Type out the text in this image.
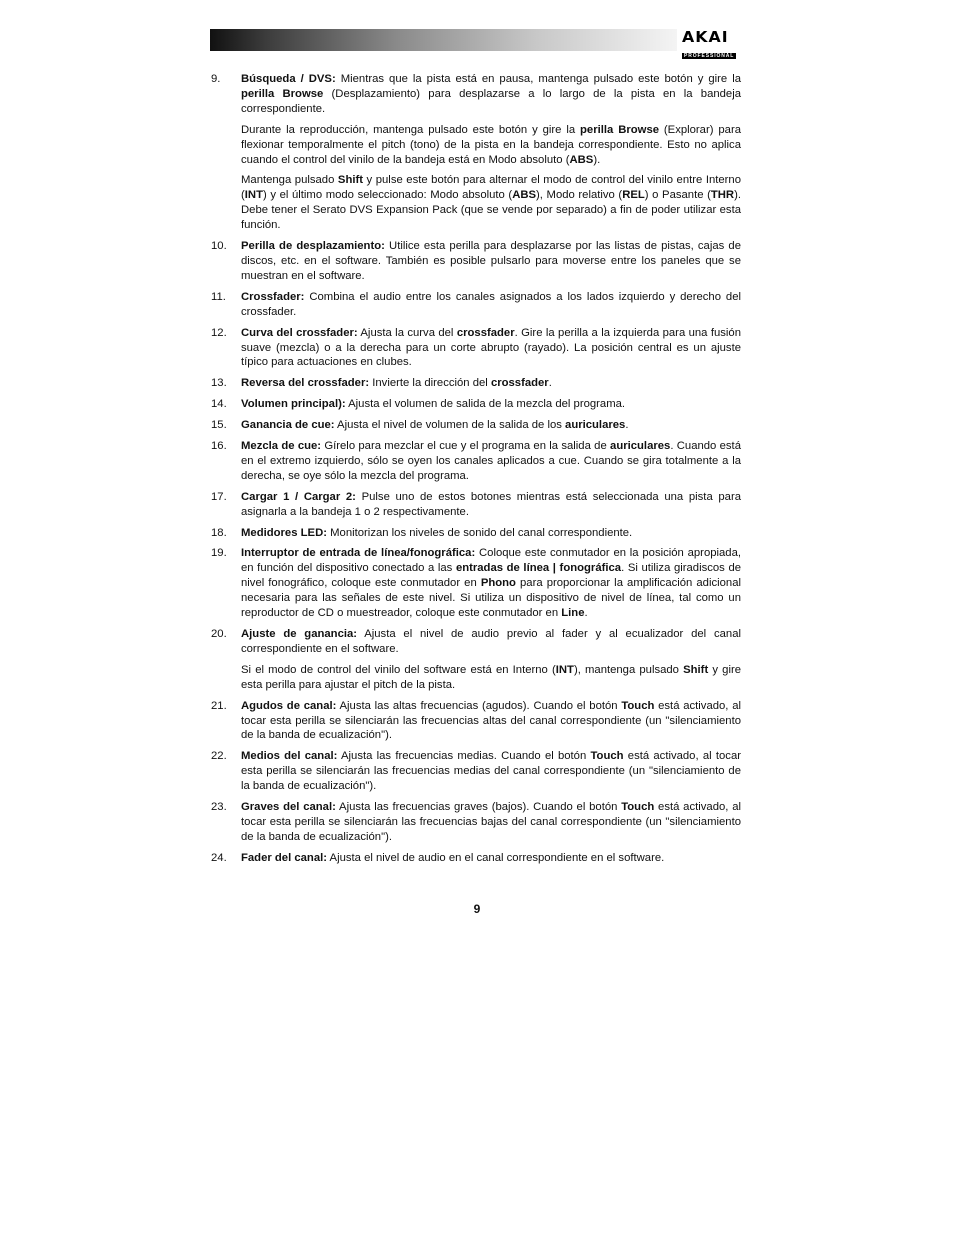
AKAI
PROFESSIONAL
9.	Búsqueda / DVS: Mientras que la pista está en pausa, mantenga pulsado este botón y gire la perilla Browse (Desplazamiento) para desplazarse a lo largo de la pista en la bandeja correspondiente.

Durante la reproducción, mantenga pulsado este botón y gire la perilla Browse (Explorar) para flexionar temporalmente el pitch (tono) de la pista en la bandeja correspondiente. Esto no aplica cuando el control del vinilo de la bandeja está en Modo absoluto (ABS).

Mantenga pulsado Shift y pulse este botón para alternar el modo de control del vinilo entre Interno (INT) y el último modo seleccionado: Modo absoluto (ABS), Modo relativo (REL) o Pasante (THR). Debe tener el Serato DVS Expansion Pack (que se vende por separado) a fin de poder utilizar esta función.

10.	Perilla de desplazamiento: Utilice esta perilla para desplazarse por las listas de pistas, cajas de discos, etc. en el software. También es posible pulsarlo para moverse entre los paneles que se muestran en el software.

11.	Crossfader: Combina el audio entre los canales asignados a los lados izquierdo y derecho del crossfader.

12.	Curva del crossfader: Ajusta la curva del crossfader. Gire la perilla a la izquierda para una fusión suave (mezcla) o a la derecha para un corte abrupto (rayado). La posición central es un ajuste típico para actuaciones en clubes.

13.	Reversa del crossfader: Invierte la dirección del crossfader.

14.	Volumen principal): Ajusta el volumen de salida de la mezcla del programa.

15.	Ganancia de cue: Ajusta el nivel de volumen de la salida de los auriculares.

16.	Mezcla de cue: Gírelo para mezclar el cue y el programa en la salida de auriculares. Cuando está en el extremo izquierdo, sólo se oyen los canales aplicados a cue. Cuando se gira totalmente a la derecha, se oye sólo la mezcla del programa.

17.	Cargar 1 / Cargar 2: Pulse uno de estos botones mientras está seleccionada una pista para asignarla a la bandeja 1 o 2 respectivamente.

18.	Medidores LED: Monitorizan los niveles de sonido del canal correspondiente.

19.	Interruptor de entrada de línea/fonográfica: Coloque este conmutador en la posición apropiada, en función del dispositivo conectado a las entradas de línea | fonográfica. Si utiliza giradiscos de nivel fonográfico, coloque este conmutador en Phono para proporcionar la amplificación adicional necesaria para las señales de este nivel. Si utiliza un dispositivo de nivel de línea, tal como un reproductor de CD o muestreador, coloque este conmutador en Line.

20.	Ajuste de ganancia: Ajusta el nivel de audio previo al fader y al ecualizador del canal correspondiente en el software.

Si el modo de control del vinilo del software está en Interno (INT), mantenga pulsado Shift y gire esta perilla para ajustar el pitch de la pista.

21.	Agudos de canal: Ajusta las altas frecuencias (agudos). Cuando el botón Touch está activado, al tocar esta perilla se silenciarán las frecuencias altas del canal correspondiente (un "silenciamiento de la banda de ecualización").

22.	Medios del canal: Ajusta las frecuencias medias. Cuando el botón Touch está activado, al tocar esta perilla se silenciarán las frecuencias medias del canal correspondiente (un "silenciamiento de la banda de ecualización").

23.	Graves del canal: Ajusta las frecuencias graves (bajos). Cuando el botón Touch está activado, al tocar esta perilla se silenciarán las frecuencias bajas del canal correspondiente (un "silenciamiento de la banda de ecualización").

24.	Fader del canal: Ajusta el nivel de audio en el canal correspondiente en el software.

9
